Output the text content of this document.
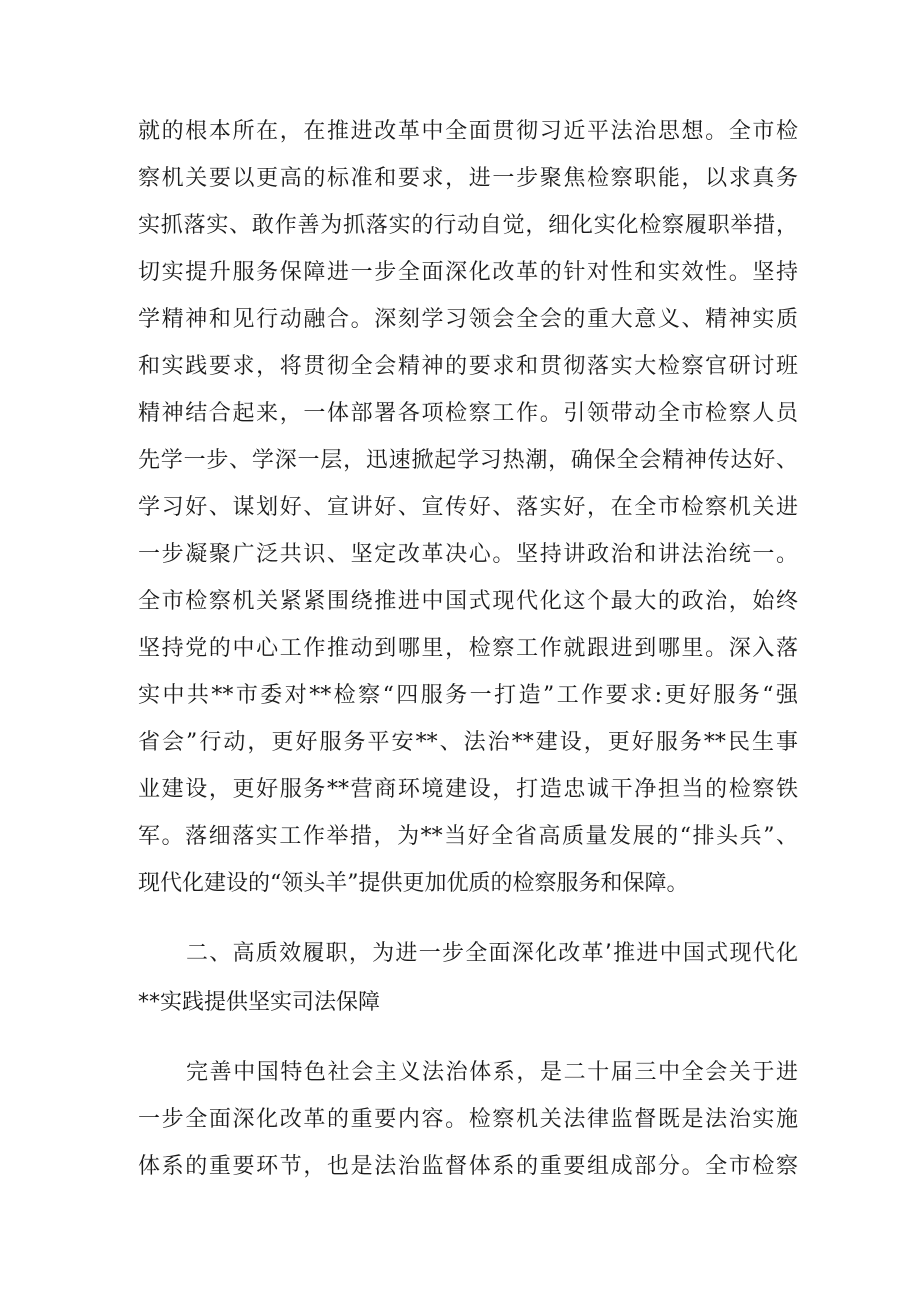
就的根本所在，在推进改革中全面贯彻习近平法治思想。全市检
察机关要以更高的标准和要求，进一步聚焦检察职能，以求真务
实抓落实、敢作善为抓落实的行动自觉，细化实化检察履职举措，
切实提升服务保障进一步全面深化改革的针对性和实效性。坚持
学精神和见行动融合。深刻学习领会全会的重大意义、精神实质
和实践要求，将贯彻全会精神的要求和贯彻落实大检察官研讨班
精神结合起来，一体部署各项检察工作。引领带动全市检察人员
先学一步、学深一层，迅速掀起学习热潮，确保全会精神传达好、
学习好、谋划好、宣讲好、宣传好、落实好，在全市检察机关进
一步凝聚广泛共识、坚定改革决心。坚持讲政治和讲法治统一。
全市检察机关紧紧围绕推进中国式现代化这个最大的政治，始终
坚持党的中心工作推动到哪里，检察工作就跟进到哪里。深入落
实中共**市委对**检察“四服务一打造”工作要求:更好服务“强
省会”行动，更好服务平安**、法治**建设，更好服务**民生事
业建设，更好服务**营商环境建设，打造忠诚干净担当的检察铁
军。落细落实工作举措，为**当好全省高质量发展的“排头兵”、
现代化建设的“领头羊”提供更加优质的检察服务和保障。
二、高质效履职，为进一步全面深化改革’推进中国式现代化
**实践提供坚实司法保障
完善中国特色社会主义法治体系，是二十届三中全会关于进
一步全面深化改革的重要内容。检察机关法律监督既是法治实施
体系的重要环节，也是法治监督体系的重要组成部分。全市检察
